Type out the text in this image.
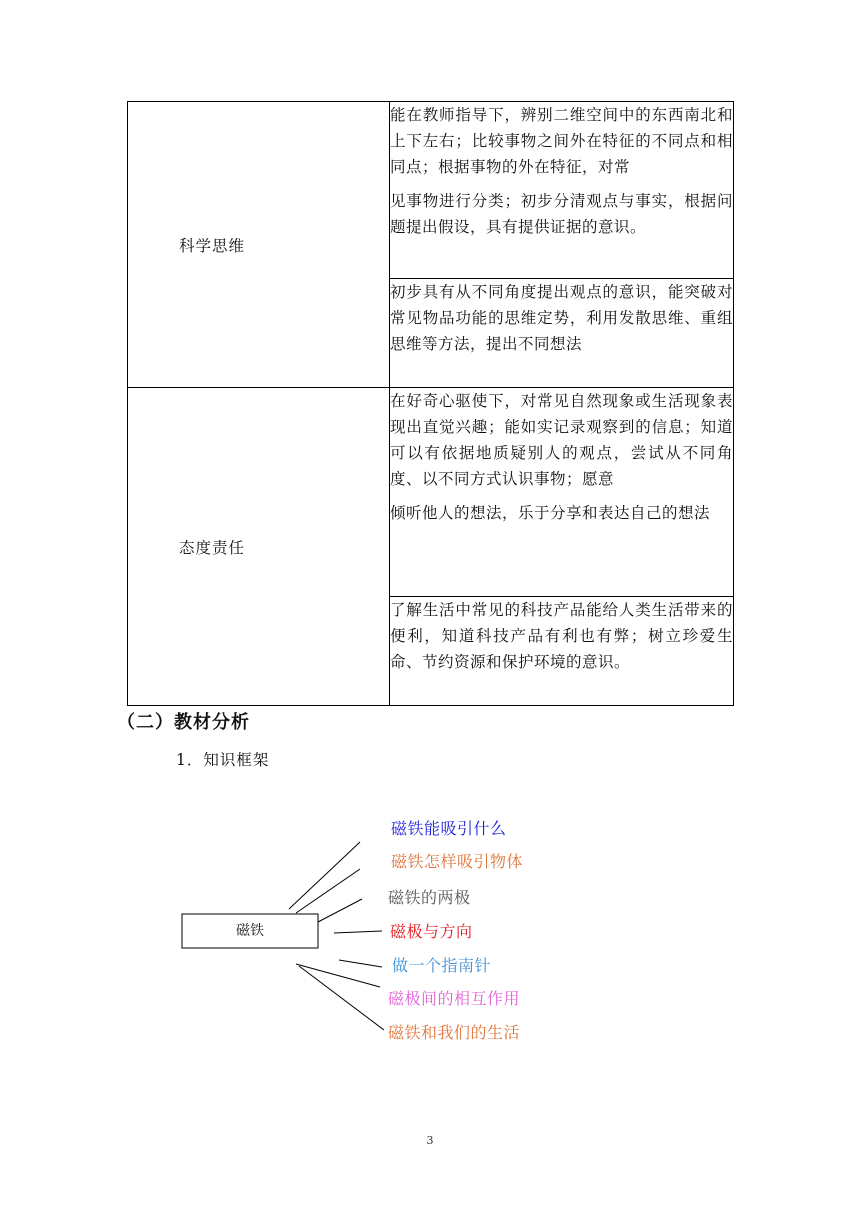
科学思维	能在教师指导下，辨别二维空间中的东西南北和上下左右；比较事物之间外在特征的不同点和相同点；根据事物的外在特征，对常

见事物进行分类；初步分清观点与事实，根据问题提出假设，具有提供证据的意识。

	初步具有从不同角度提出观点的意识，能突破对常见物品功能的思维定势，利用发散思维、重组思维等方法，提出不同想法

态度责任	在好奇心驱使下，对常见自然现象或生活现象表现出直觉兴趣；能如实记录观察到的信息；知道可以有依据地质疑别人的观点，尝试从不同角度、以不同方式认识事物；愿意

倾听他人的想法，乐于分享和表达自己的想法

	了解生活中常见的科技产品能给人类生活带来的便利，知道科技产品有利也有弊；树立珍爱生命、节约资源和保护环境的意识。

（二）教材分析
1．知识框架
磁铁
磁铁能吸引什么
磁铁怎样吸引物体
磁铁的两极
磁极与方向
做一个指南针
磁极间的相互作用
磁铁和我们的生活
3
